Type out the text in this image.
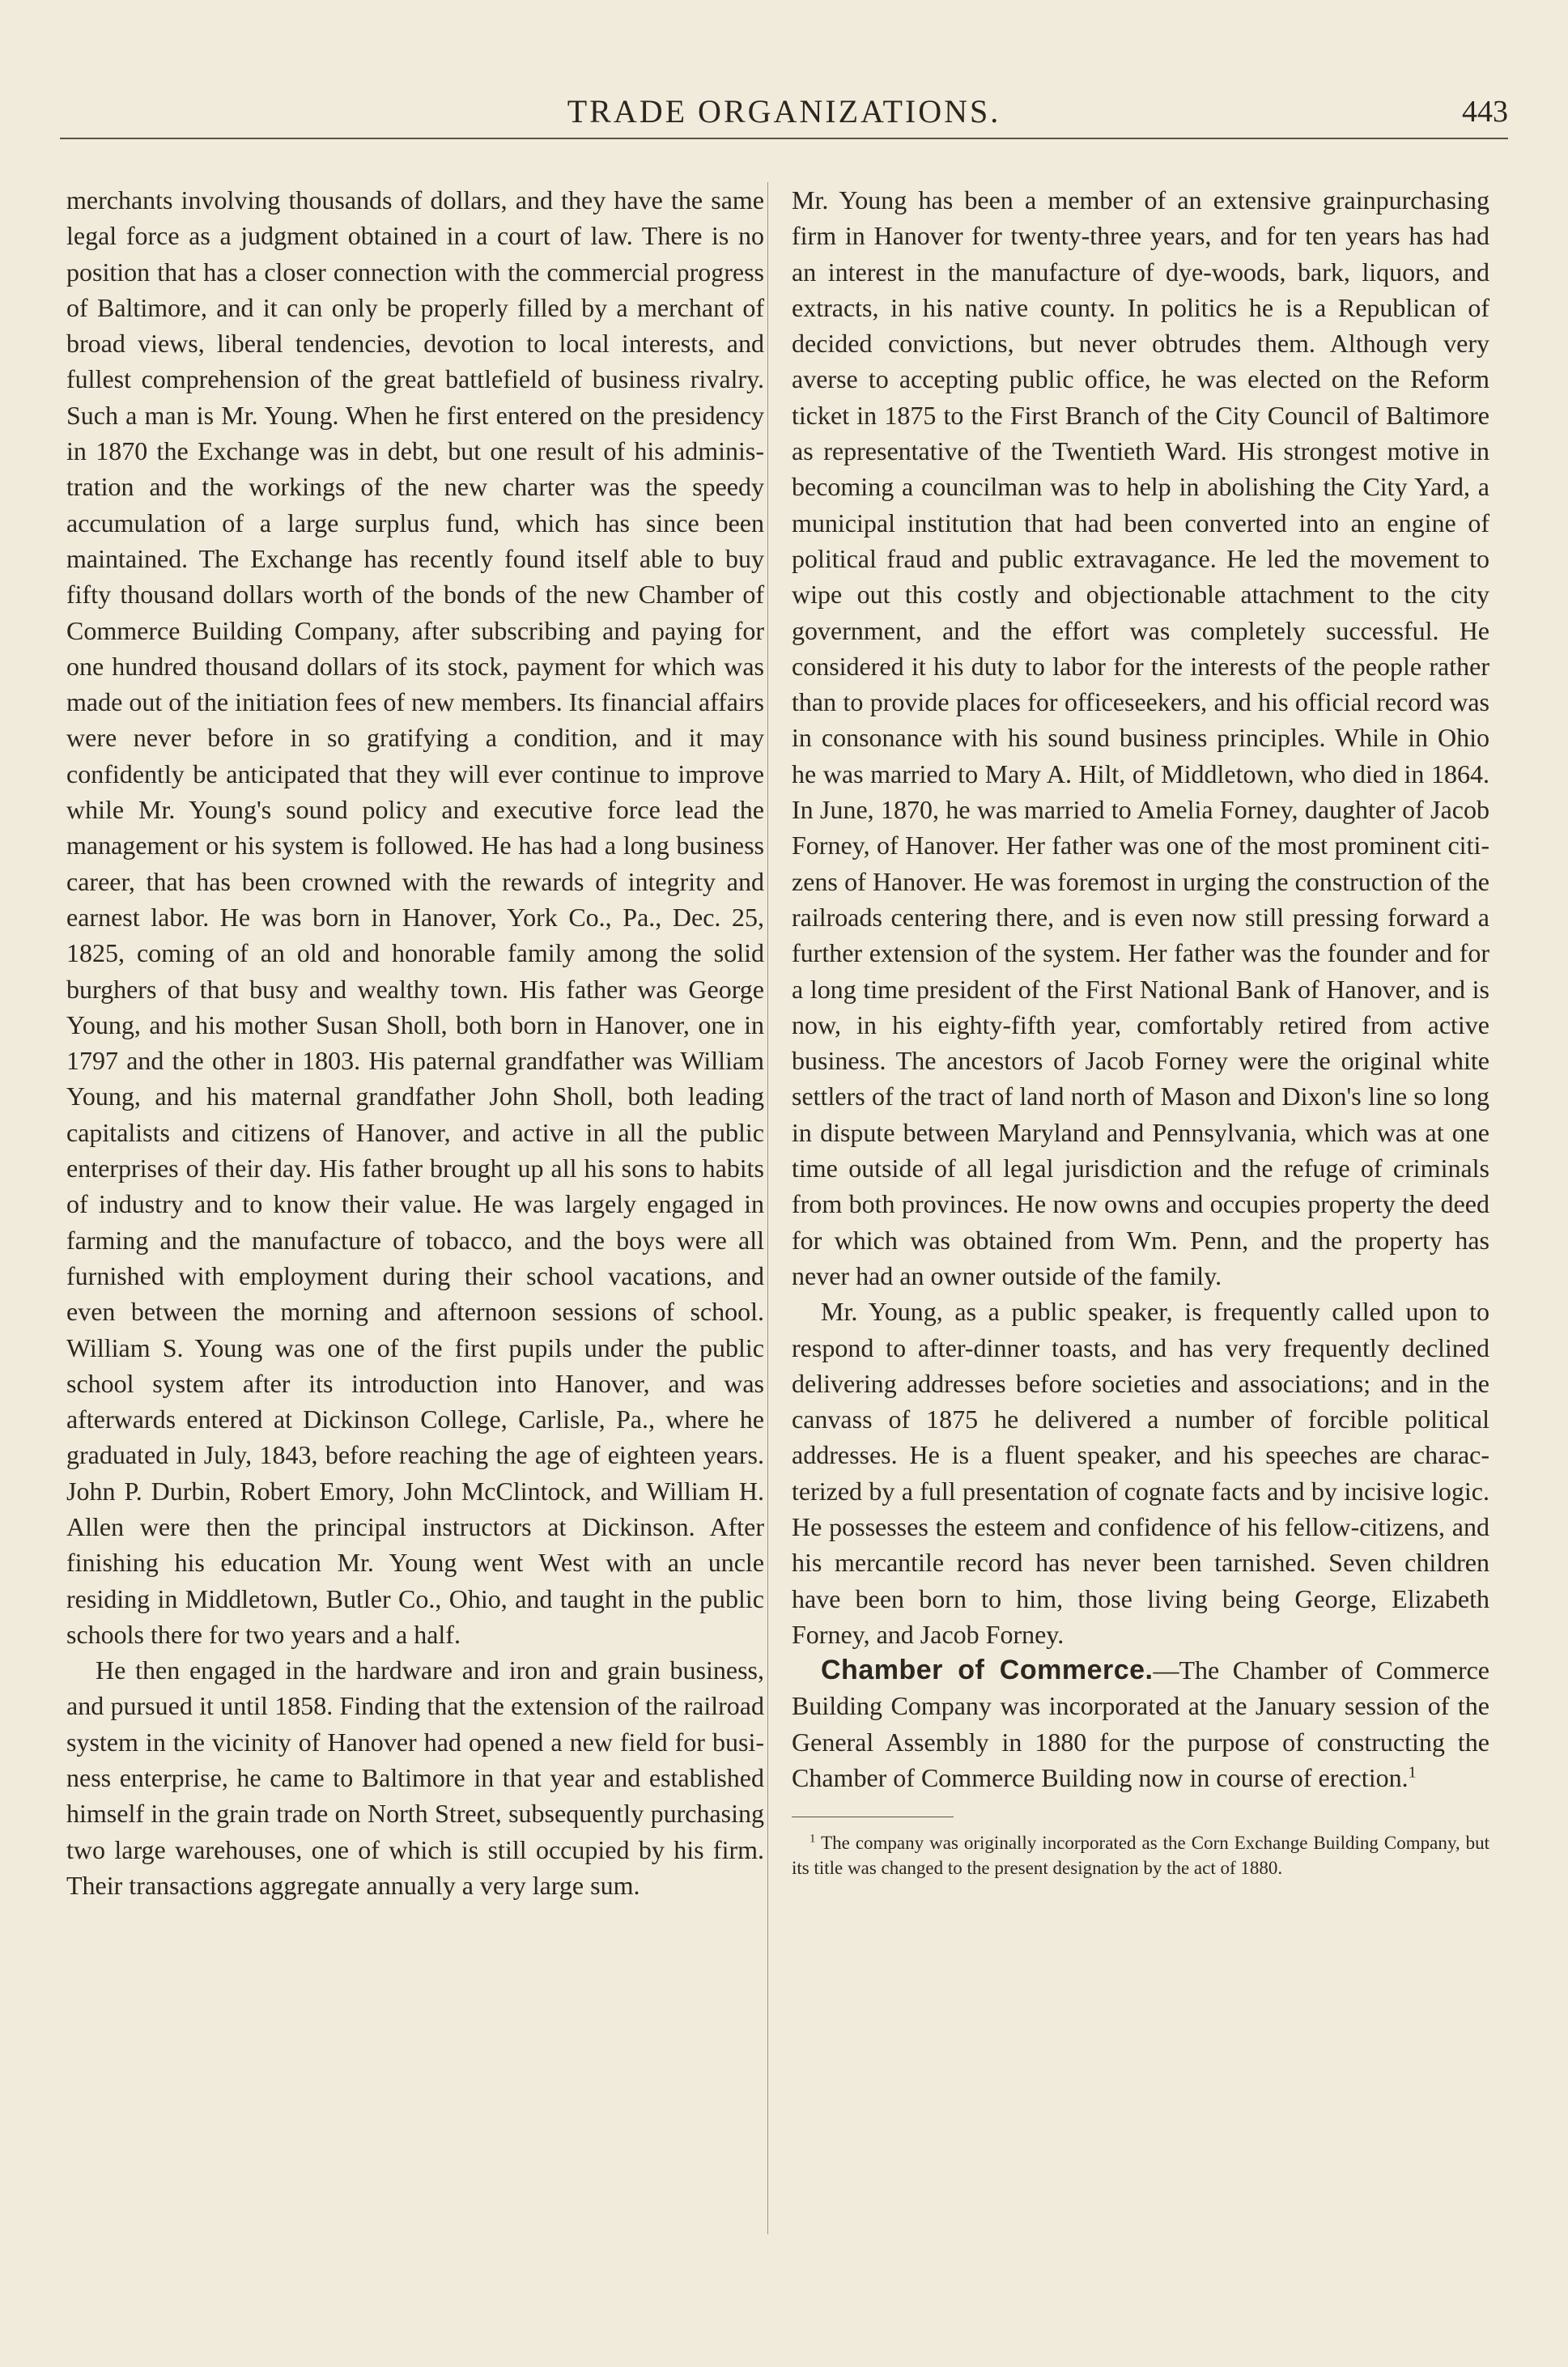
TRADE ORGANIZATIONS.	443

merchants involving thousands of dollars, and they have the same legal force as a judgment obtained in a court of law. There is no position that has a closer connection with the commercial progress of Baltimore, and it can only be properly filled by a merchant of broad views, liberal tendencies, devotion to local interests, and fullest comprehension of the great battlefield of business rivalry. Such a man is Mr. Young. When he first entered on the presidency in 1870 the Exchange was in debt, but one result of his administration and the workings of the new charter was the speedy accumulation of a large surplus fund, which has since been maintained. The Exchange has recently found itself able to buy fifty thousand dollars worth of the bonds of the new Chamber of Commerce Building Company, after subscribing and paying for one hundred thousand dollars of its stock, payment for which was made out of the initiation fees of new members. Its financial affairs were never before in so gratifying a condition, and it may confidently be anticipated that they will ever continue to improve while Mr. Young's sound policy and executive force lead the management or his system is followed. He has had a long business career, that has been crowned with the rewards of integrity and earnest labor. He was born in Hanover, York Co., Pa., Dec. 25, 1825, coming of an old and honorable family among the solid burghers of that busy and wealthy town. His father was George Young, and his mother Susan Sholl, both born in Hanover, one in 1797 and the other in 1803. His paternal grandfather was William Young, and his maternal grandfather John Sholl, both leading capitalists and citizens of Hanover, and active in all the public enterprises of their day. His father brought up all his sons to habits of industry and to know their value. He was largely engaged in farming and the manufacture of tobacco, and the boys were all furnished with employment during their school vacations, and even between the morning and afternoon sessions of school. William S. Young was one of the first pupils under the public school system after its introduction into Hanover, and was afterwards entered at Dickinson College, Carlisle, Pa., where he graduated in July, 1843, before reaching the age of eighteen years. John P. Durbin, Robert Emory, John McClintock, and William H. Allen were then the principal instructors at Dickinson. After finishing his education Mr. Young went West with an uncle residing in Middletown, Butler Co., Ohio, and taught in the public schools there for two years and a half.

He then engaged in the hardware and iron and grain business, and pursued it until 1858. Finding that the extension of the railroad system in the vicinity of Hanover had opened a new field for business enterprise, he came to Baltimore in that year and established himself in the grain trade on North Street, subsequently purchasing two large warehouses, one of which is still occupied by his firm. Their transactions aggregate annually a very large sum.

Mr. Young has been a member of an extensive grainpurchasing firm in Hanover for twenty-three years, and for ten years has had an interest in the manufacture of dye-woods, bark, liquors, and extracts, in his native county. In politics he is a Republican of decided convictions, but never obtrudes them. Although very averse to accepting public office, he was elected on the Reform ticket in 1875 to the First Branch of the City Council of Baltimore as representative of the Twentieth Ward. His strongest motive in becoming a councilman was to help in abolishing the City Yard, a municipal institution that had been converted into an engine of political fraud and public extravagance. He led the movement to wipe out this costly and objectionable attachment to the city government, and the effort was completely successful. He considered it his duty to labor for the interests of the people rather than to provide places for officeseekers, and his official record was in consonance with his sound business principles. While in Ohio he was married to Mary A. Hilt, of Middletown, who died in 1864. In June, 1870, he was married to Amelia Forney, daughter of Jacob Forney, of Hanover. Her father was one of the most prominent citizens of Hanover. He was foremost in urging the construction of the railroads centering there, and is even now still pressing forward a further extension of the system. Her father was the founder and for a long time president of the First National Bank of Hanover, and is now, in his eighty-fifth year, comfortably retired from active business. The ancestors of Jacob Forney were the original white settlers of the tract of land north of Mason and Dixon's line so long in dispute between Maryland and Pennsylvania, which was at one time outside of all legal jurisdiction and the refuge of criminals from both provinces. He now owns and occupies property the deed for which was obtained from Wm. Penn, and the property has never had an owner outside of the family.

Mr. Young, as a public speaker, is frequently called upon to respond to after-dinner toasts, and has very frequently declined delivering addresses before societies and associations; and in the canvass of 1875 he delivered a number of forcible political addresses. He is a fluent speaker, and his speeches are characterized by a full presentation of cognate facts and by incisive logic. He possesses the esteem and confidence of his fellow-citizens, and his mercantile record has never been tarnished. Seven children have been born to him, those living being George, Elizabeth Forney, and Jacob Forney.

Chamber of Commerce.—The Chamber of Commerce Building Company was incorporated at the January session of the General Assembly in 1880 for the purpose of constructing the Chamber of Commerce Building now in course of erection.$^1$

$^1$ The company was originally incorporated as the Corn Exchange Building Company, but its title was changed to the present designation by the act of 1880.
